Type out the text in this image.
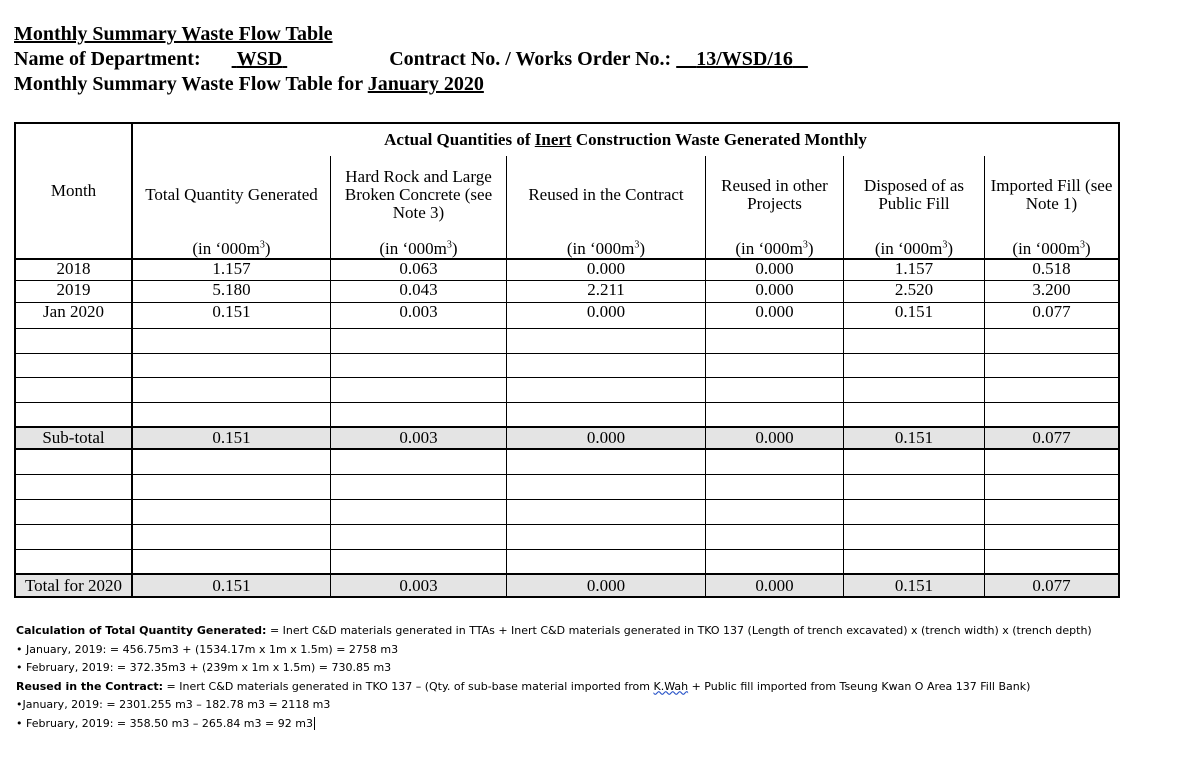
Monthly Summary Waste Flow Table
Name of Department: WSD	Contract No. / Works Order No.: 13/WSD/16
Monthly Summary Waste Flow Table for January 2020
Month	Actual Quantities of Inert Construction Waste Generated Monthly					
	Total Quantity Generated	Hard Rock and Large Broken Concrete (see Note 3)	Reused in the Contract	Reused in other Projects	Disposed of as Public Fill	Imported Fill (see Note 1)
	(in ‘$000m^3$)	(in ‘$000m^3$)	(in ‘$000m^3$)	(in ‘$000m^3$)	(in ‘$000m^3$)	(in ‘$000m^3$)
2018	1.157	0.063	0.000	0.000	1.157	0.518
2019	5.180	0.043	2.211	0.000	2.520	3.200
Jan 2020	0.151	0.003	0.000	0.000	0.151	0.077

Sub-total	0.151	0.003	0.000	0.000	0.151	0.077

Total for 2020	0.151	0.003	0.000	0.000	0.151	0.077
Calculation of Total Quantity Generated: = Inert C&D materials generated in TTAs + Inert C&D materials generated in TKO 137 (Length of trench excavated) x (trench width) x (trench depth)
• January, 2019: = 456.75m3 + (1534.17m x 1m x 1.5m) = 2758 m3
• February, 2019: = 372.35m3 + (239m x 1m x 1.5m) = 730.85 m3
Reused in the Contract: = Inert C&D materials generated in TKO 137 – (Qty. of sub-base material imported from K.Wah + Public fill imported from Tseung Kwan O Area 137 Fill Bank)
•January, 2019: = 2301.255 m3 – 182.78 m3 = 2118 m3
• February, 2019: = 358.50 m3 – 265.84 m3 = 92 m3
